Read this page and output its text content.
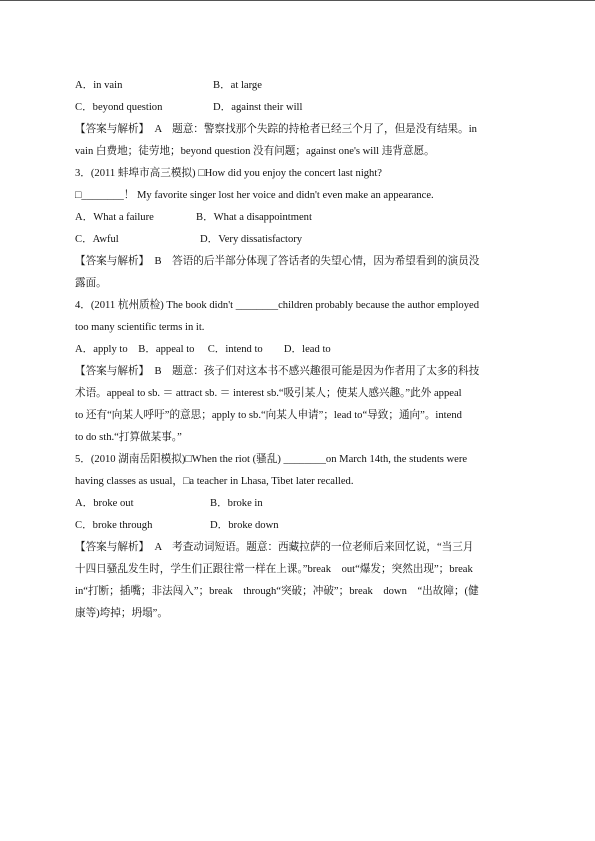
A．in vain	B．at large
C．beyond question	D．against their will
【答案与解析】　A　题意：警察找那个失踪的持枪者已经三个月了，但是没有结果。in
vain 白费地；徒劳地；beyond question 没有问题；against one's will 违背意愿。
3．(2011 蚌埠市高三模拟) □How did you enjoy the concert last night?
□________！ My favorite singer lost her voice and didn't even make an appearance.
A．What a failure	B．What a disappointment
C．Awful	D．Very dissatisfactory
【答案与解析】　B　答语的后半部分体现了答话者的失望心情，因为希望看到的演员没
露面。
4．(2011 杭州质检) The book didn't ________children probably because the author employed
too many scientific terms in it.
A．apply to　B．appeal to　 C．intend to　　D．lead to
【答案与解析】　B　题意：孩子们对这本书不感兴趣很可能是因为作者用了太多的科技
术语。appeal to sb. ＝ attract sb. ＝ interest sb.“吸引某人；使某人感兴趣。”此外 appeal
to 还有“向某人呼吁”的意思；apply to sb.“向某人申请”；lead to“导致；通向”。intend
to do sth.“打算做某事。”
5．(2010 湖南岳阳模拟)□When the riot (骚乱) ________on March 14th, the students were
having classes as usual，□a teacher in Lhasa, Tibet later recalled.
A．broke out	B．broke in
C．broke through	D．broke down
【答案与解析】　A　考查动词短语。题意：西藏拉萨的一位老师后来回忆说，“当三月
十四日骚乱发生时，学生们正跟往常一样在上课。”break　out“爆发；突然出现”；break
in“打断；插嘴；非法闯入”；break　through“突破；冲破”；break　down　“出故障；(健
康等)垮掉；坍塌”。
